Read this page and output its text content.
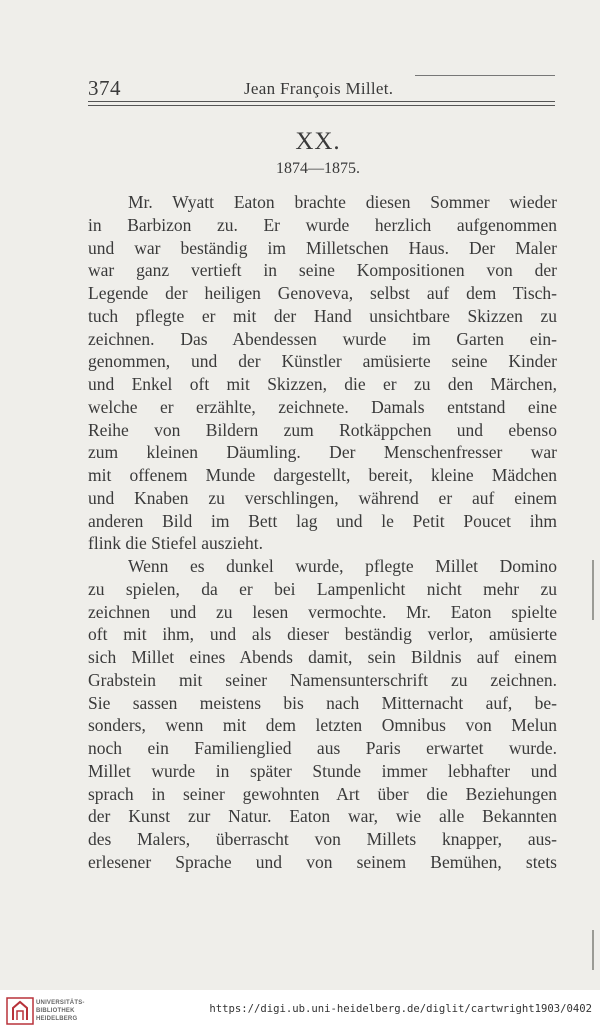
374	Jean François Millet.
XX.
1874—1875.
Mr. Wyatt Eaton brachte diesen Sommer wieder
in Barbizon zu. Er wurde herzlich aufgenommen
und war beständig im Milletschen Haus. Der Maler
war ganz vertieft in seine Kompositionen von der
Legende der heiligen Genoveva, selbst auf dem Tisch-
tuch pflegte er mit der Hand unsichtbare Skizzen zu
zeichnen. Das Abendessen wurde im Garten ein-
genommen, und der Künstler amüsierte seine Kinder
und Enkel oft mit Skizzen, die er zu den Märchen,
welche er erzählte, zeichnete. Damals entstand eine
Reihe von Bildern zum Rotkäppchen und ebenso
zum kleinen Däumling. Der Menschenfresser war
mit offenem Munde dargestellt, bereit, kleine Mädchen
und Knaben zu verschlingen, während er auf einem
anderen Bild im Bett lag und le Petit Poucet ihm
flink die Stiefel auszieht.
Wenn es dunkel wurde, pflegte Millet Domino
zu spielen, da er bei Lampenlicht nicht mehr zu
zeichnen und zu lesen vermochte. Mr. Eaton spielte
oft mit ihm, und als dieser beständig verlor, amüsierte
sich Millet eines Abends damit, sein Bildnis auf einem
Grabstein mit seiner Namensunterschrift zu zeichnen.
Sie sassen meistens bis nach Mitternacht auf, be-
sonders, wenn mit dem letzten Omnibus von Melun
noch ein Familienglied aus Paris erwartet wurde.
Millet wurde in später Stunde immer lebhafter und
sprach in seiner gewohnten Art über die Beziehungen
der Kunst zur Natur. Eaton war, wie alle Bekannten
des Malers, überrascht von Millets knapper, aus-
erlesener Sprache und von seinem Bemühen, stets
UNIVERSITÄTS-
BIBLIOTHEK
HEIDELBERG
https://digi.ub.uni-heidelberg.de/diglit/cartwright1903/0402
